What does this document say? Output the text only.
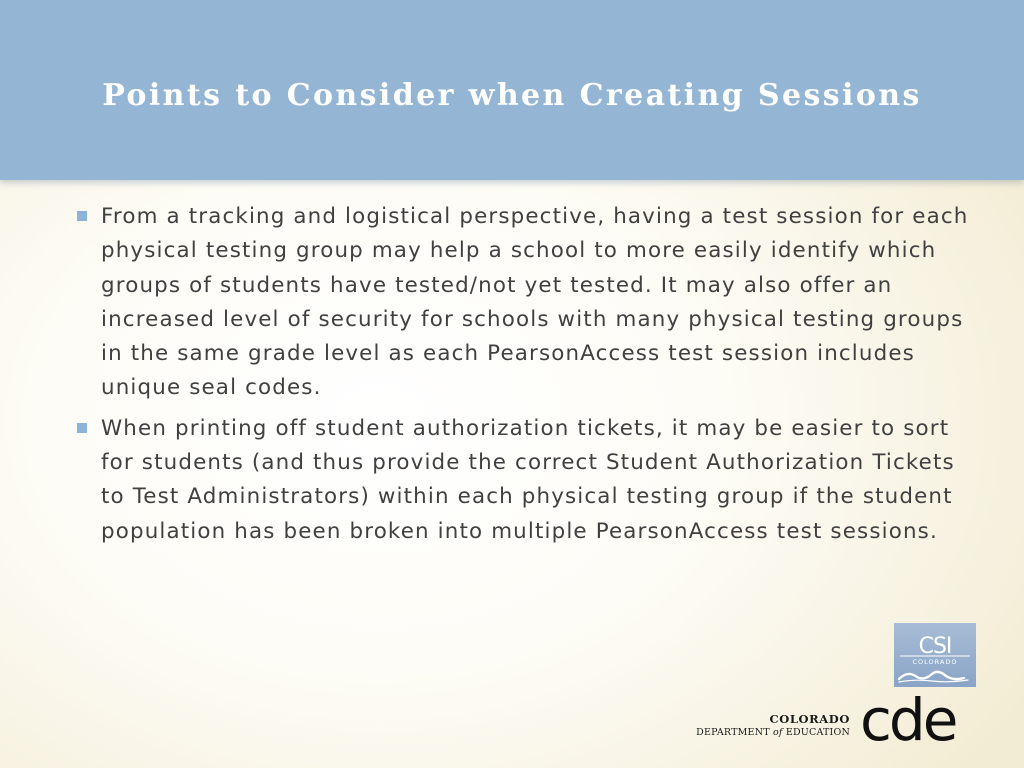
Points to Consider when Creating Sessions
From a tracking and logistical perspective, having a test session for each physical testing group may help a school to more easily identify which groups of students have tested/not yet tested. It may also offer an increased level of security for schools with many physical testing groups in the same grade level as each PearsonAccess test session includes unique seal codes.
When printing off student authorization tickets, it may be easier to sort for students (and thus provide the correct Student Authorization Tickets to Test Administrators) within each physical testing group if the student population has been broken into multiple PearsonAccess test sessions.
CSI
COLORADO
COLORADO
DEPARTMENT of EDUCATION cde
